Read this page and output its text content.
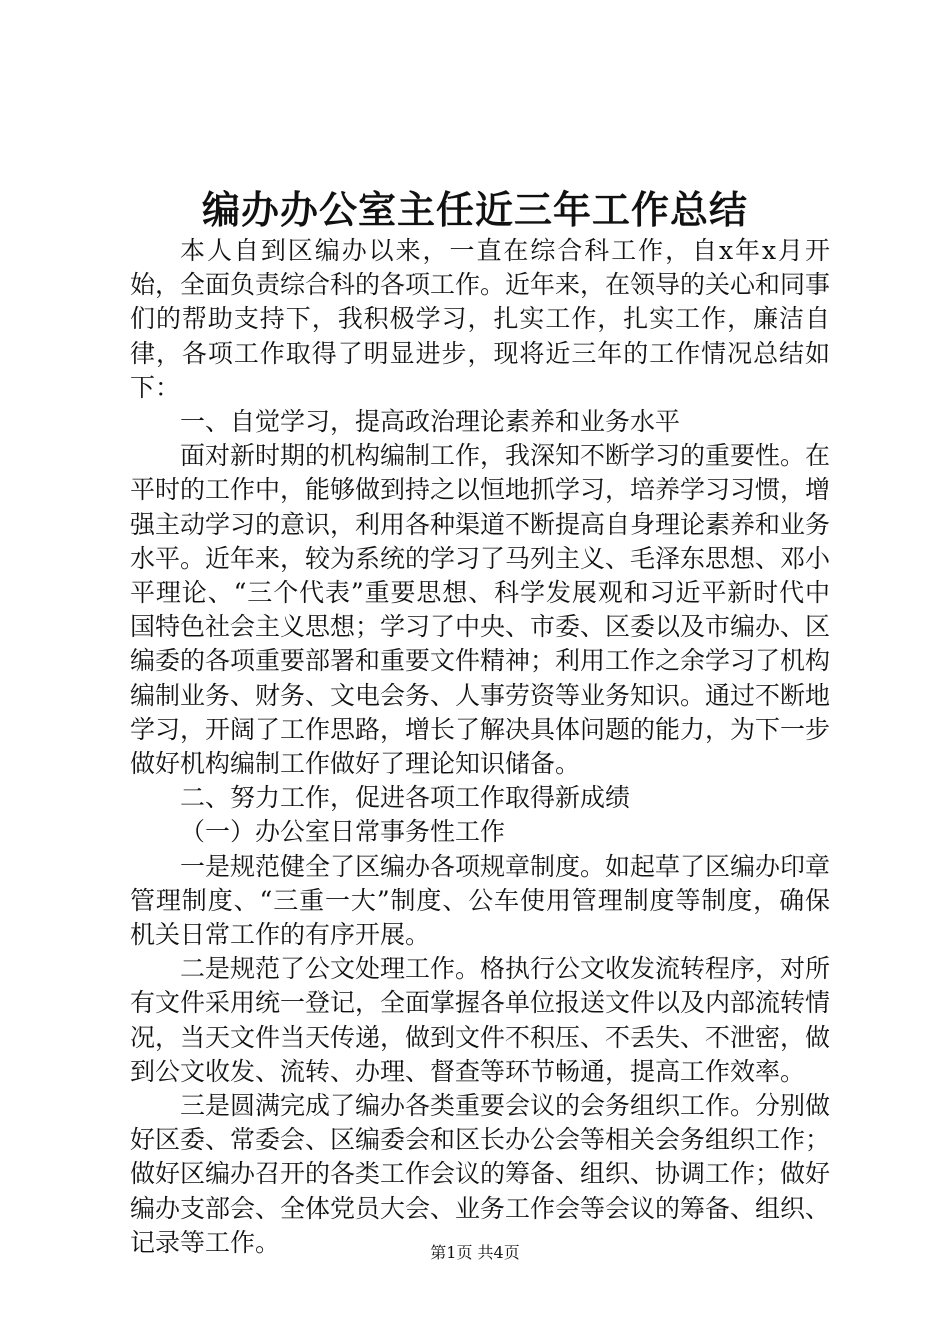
编办办公室主任近三年工作总结

本人自到区编办以来，一直在综合科工作，自x年x月开始，全面负责综合科的各项工作。近年来，在领导的关心和同事们的帮助支持下，我积极学习，扎实工作，扎实工作，廉洁自律，各项工作取得了明显进步，现将近三年的工作情况总结如下：

一、自觉学习，提高政治理论素养和业务水平

面对新时期的机构编制工作，我深知不断学习的重要性。在平时的工作中，能够做到持之以恒地抓学习，培养学习习惯，增强主动学习的意识，利用各种渠道不断提高自身理论素养和业务水平。近年来，较为系统的学习了马列主义、毛泽东思想、邓小平理论、“三个代表”重要思想、科学发展观和习近平新时代中国特色社会主义思想；学习了中央、市委、区委以及市编办、区编委的各项重要部署和重要文件精神；利用工作之余学习了机构编制业务、财务、文电会务、人事劳资等业务知识。通过不断地学习，开阔了工作思路，增长了解决具体问题的能力，为下一步做好机构编制工作做好了理论知识储备。

二、努力工作，促进各项工作取得新成绩

（一）办公室日常事务性工作

一是规范健全了区编办各项规章制度。如起草了区编办印章管理制度、“三重一大”制度、公车使用管理制度等制度，确保机关日常工作的有序开展。

二是规范了公文处理工作。格执行公文收发流转程序，对所有文件采用统一登记，全面掌握各单位报送文件以及内部流转情况，当天文件当天传递，做到文件不积压、不丢失、不泄密，做到公文收发、流转、办理、督查等环节畅通，提高工作效率。

三是圆满完成了编办各类重要会议的会务组织工作。分别做好区委、常委会、区编委会和区长办公会等相关会务组织工作；做好区编办召开的各类工作会议的筹备、组织、协调工作；做好编办支部会、全体党员大会、业务工作会等会议的筹备、组织、记录等工作。	第1页 共4页
